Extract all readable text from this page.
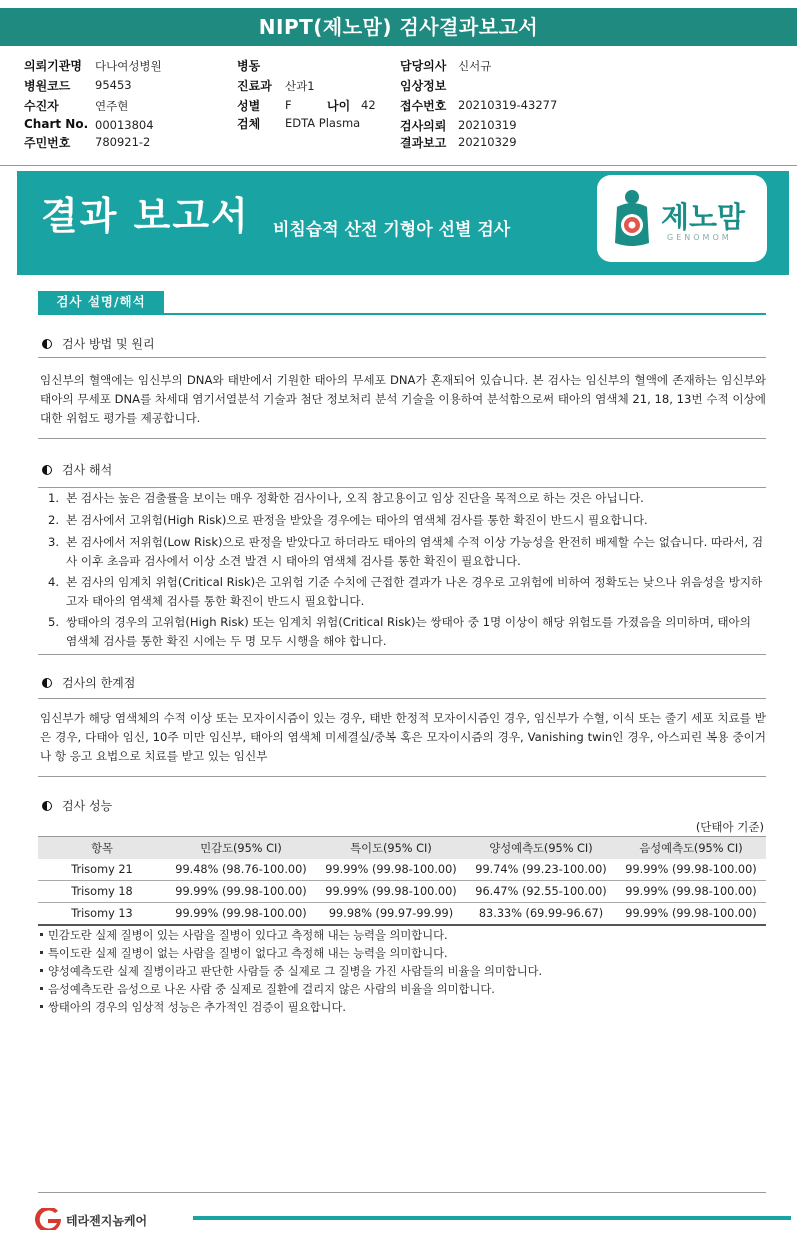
NIPT(제노맘) 검사결과보고서
의뢰기관명 다나여성병원	병동	담당의사 신서규
병원코드 95453	진료과 산과1	임상정보
수진자	연주현	성별 F	나이 42 접수번호 20210319-43277
Chart No. 00013804	검체 EDTA Plasma	검사의뢰 20210319
주민번호 780921-2	결과보고 20210329
결과 보고서 비침습적 산전 기형아 선별 검사	제노맘
GENOMOM
검사 설명/해석
검사 방법 및 원리
임신부의 혈액에는 임신부의 DNA와 태반에서 기원한 태아의 무세포 DNA가 혼재되어 있습니다. 본 검사는 임신부의 혈액에 존재하는 임신부와 태아의 무세포 DNA를 차세대 염기서열분석 기술과 첨단 정보처리 분석 기술을 이용하여 분석함으로써 태아의 염색체 21, 18, 13번 수적 이상에 대한 위험도 평가를 제공합니다.
검사 해석
1. 본 검사는 높은 검출률을 보이는 매우 정확한 검사이나, 오직 참고용이고 임상 진단을 목적으로 하는 것은 아닙니다.
2. 본 검사에서 고위험(High Risk)으로 판정을 받았을 경우에는 태아의 염색체 검사를 통한 확진이 반드시 필요합니다.
3. 본 검사에서 저위험(Low Risk)으로 판정을 받았다고 하더라도 태아의 염색체 수적 이상 가능성을 완전히 배제할 수는 없습니다. 따라서, 검사 이후 초음파 검사에서 이상 소견 발견 시 태아의 염색체 검사를 통한 확진이 필요합니다.
4. 본 검사의 임계치 위험(Critical Risk)은 고위험 기준 수치에 근접한 결과가 나온 경우로 고위험에 비하여 정확도는 낮으나 위음성을 방지하고자 태아의 염색체 검사를 통한 확진이 반드시 필요합니다.
5. 쌍태아의 경우의 고위험(High Risk) 또는 임계치 위험(Critical Risk)는 쌍태아 중 1명 이상이 해당 위험도를 가졌음을 의미하며, 태아의 염색체 검사를 통한 확진 시에는 두 명 모두 시행을 해야 합니다.
검사의 한계점
임신부가 해당 염색체의 수적 이상 또는 모자이시즘이 있는 경우, 태반 한정적 모자이시즘인 경우, 임신부가 수혈, 이식 또는 줄기 세포 치료를 받은 경우, 다태아 임신, 10주 미만 임신부, 태아의 염색체 미세결실/중복 혹은 모자이시즘의 경우, Vanishing twin인 경우, 아스피린 복용 중이거나 항 응고 요법으로 치료를 받고 있는 임신부
검사 성능
(단태아 기준)
항목	민감도(95% CI)	특이도(95% CI)	양성예측도(95% CI)	음성예측도(95% CI)
Trisomy 21	99.48% (98.76-100.00)	99.99% (99.98-100.00)	99.74% (99.23-100.00)	99.99% (99.98-100.00)
Trisomy 18	99.99% (99.98-100.00)	99.99% (99.98-100.00)	96.47% (92.55-100.00)	99.99% (99.98-100.00)
Trisomy 13	99.99% (99.98-100.00)	99.98% (99.97-99.99)	83.33% (69.99-96.67)	99.99% (99.98-100.00)
민감도란 실제 질병이 있는 사람을 질병이 있다고 측정해 내는 능력을 의미합니다.
특이도란 실제 질병이 없는 사람을 질병이 없다고 측정해 내는 능력을 의미합니다.
양성예측도란 실제 질병이라고 판단한 사람들 중 실제로 그 질병을 가진 사람들의 비율을 의미합니다.
음성예측도란 음성으로 나온 사람 중 실제로 질환에 걸리지 않은 사람의 비율을 의미합니다.
쌍태아의 경우의 임상적 성능은 추가적인 검증이 필요합니다.
테라젠지놈케어
